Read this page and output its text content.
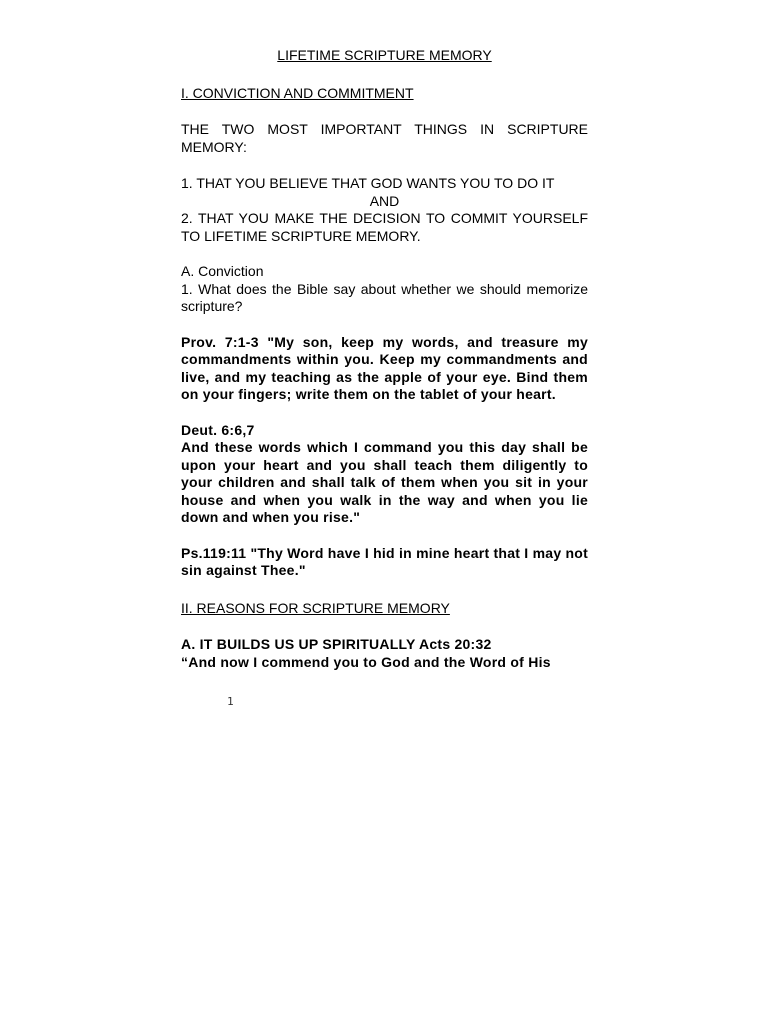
LIFETIME SCRIPTURE MEMORY

I. CONVICTION AND COMMITMENT

THE TWO MOST IMPORTANT THINGS IN SCRIPTURE MEMORY:

1. THAT YOU BELIEVE THAT GOD WANTS YOU TO DO IT

AND

2. THAT YOU MAKE THE DECISION TO COMMIT YOURSELF TO LIFETIME SCRIPTURE MEMORY.

A. Conviction

1. What does the Bible say about whether we should memorize scripture?

Prov. 7:1-3 "My son, keep my words, and treasure my commandments within you. Keep my commandments and live, and my teaching as the apple of your eye. Bind them on your fingers; write them on the tablet of your heart.

Deut. 6:6,7

And these words which I command you this day shall be upon your heart and you shall teach them diligently to your children and shall talk of them when you sit in your house and when you walk in the way and when you lie down and when you rise."

Ps.119:11 "Thy Word have I hid in mine heart that I may not sin against Thee."

II. REASONS FOR SCRIPTURE MEMORY

A. IT BUILDS US UP SPIRITUALLY Acts 20:32

“And now I commend you to God and the Word of His

1
